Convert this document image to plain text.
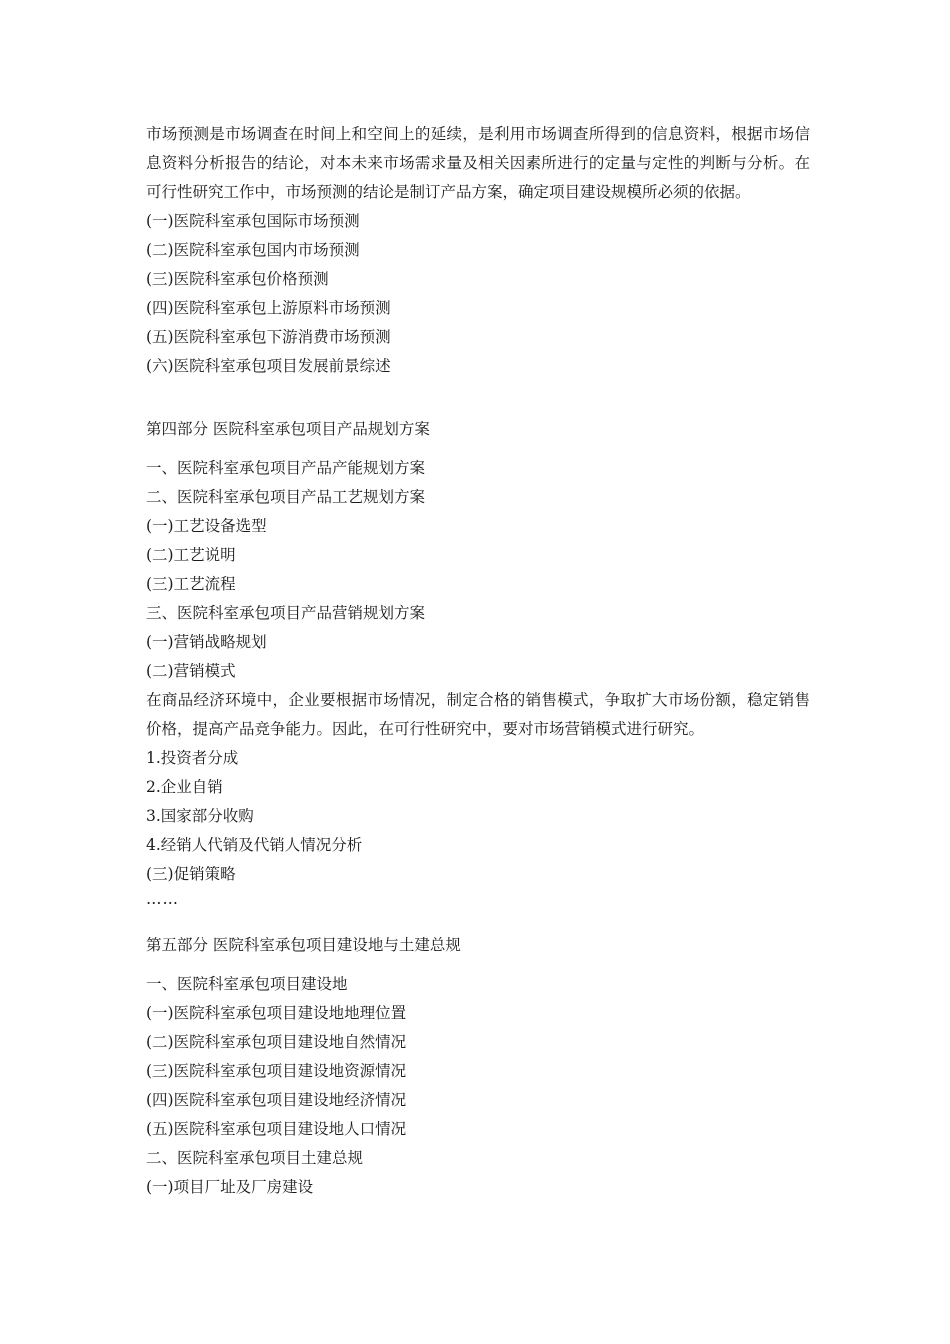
市场预测是市场调查在时间上和空间上的延续，是利用市场调查所得到的信息资料，根据市场信息资料分析报告的结论，对本未来市场需求量及相关因素所进行的定量与定性的判断与分析。在可行性研究工作中，市场预测的结论是制订产品方案，确定项目建设规模所必须的依据。
(一)医院科室承包国际市场预测
(二)医院科室承包国内市场预测
(三)医院科室承包价格预测
(四)医院科室承包上游原料市场预测
(五)医院科室承包下游消费市场预测
(六)医院科室承包项目发展前景综述
第四部分 医院科室承包项目产品规划方案
一、医院科室承包项目产品产能规划方案
二、医院科室承包项目产品工艺规划方案
(一)工艺设备选型
(二)工艺说明
(三)工艺流程
三、医院科室承包项目产品营销规划方案
(一)营销战略规划
(二)营销模式
在商品经济环境中，企业要根据市场情况，制定合格的销售模式，争取扩大市场份额，稳定销售价格，提高产品竞争能力。因此，在可行性研究中，要对市场营销模式进行研究。
1.投资者分成
2.企业自销
3.国家部分收购
4.经销人代销及代销人情况分析
(三)促销策略
……
第五部分 医院科室承包项目建设地与土建总规
一、医院科室承包项目建设地
(一)医院科室承包项目建设地地理位置
(二)医院科室承包项目建设地自然情况
(三)医院科室承包项目建设地资源情况
(四)医院科室承包项目建设地经济情况
(五)医院科室承包项目建设地人口情况
二、医院科室承包项目土建总规
(一)项目厂址及厂房建设
